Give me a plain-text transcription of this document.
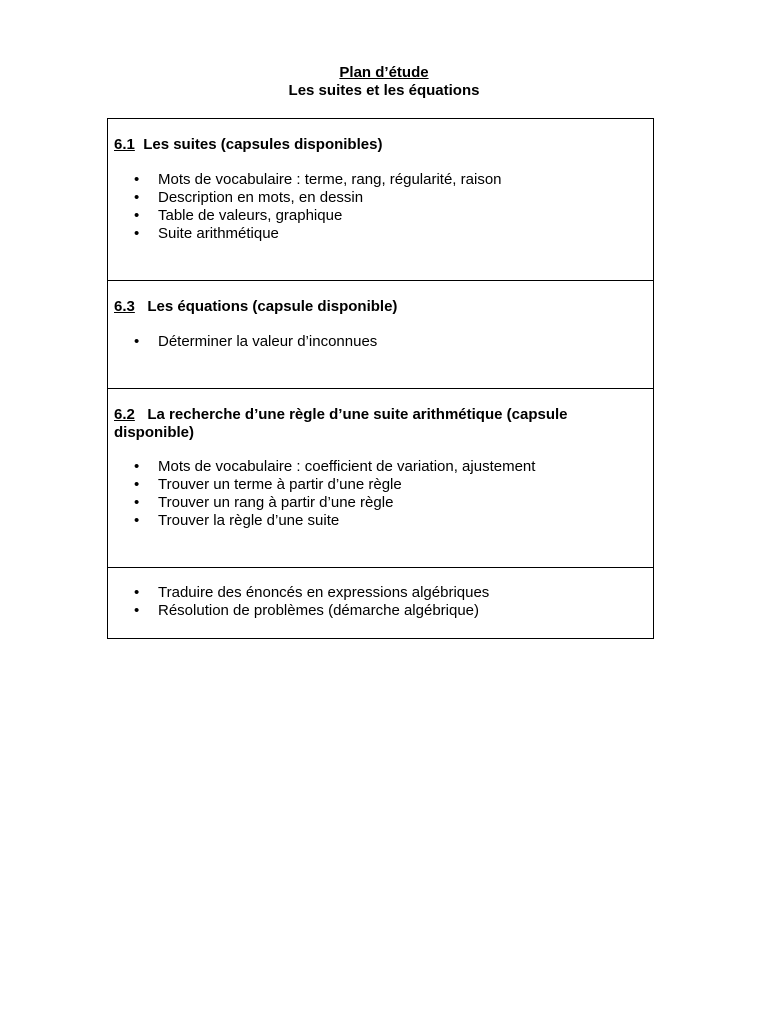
Plan d’étude
Les suites et les équations
6.1 Les suites (capsules disponibles)
• Mots de vocabulaire : terme, rang, régularité, raison
• Description en mots, en dessin
• Table de valeurs, graphique
• Suite arithmétique
6.3 Les équations (capsule disponible)
• Déterminer la valeur d’inconnues
6.2 La recherche d’une règle d’une suite arithmétique (capsule disponible)
• Mots de vocabulaire : coefficient de variation, ajustement
• Trouver un terme à partir d’une règle
• Trouver un rang à partir d’une règle
• Trouver la règle d’une suite
• Traduire des énoncés en expressions algébriques
• Résolution de problèmes (démarche algébrique)
